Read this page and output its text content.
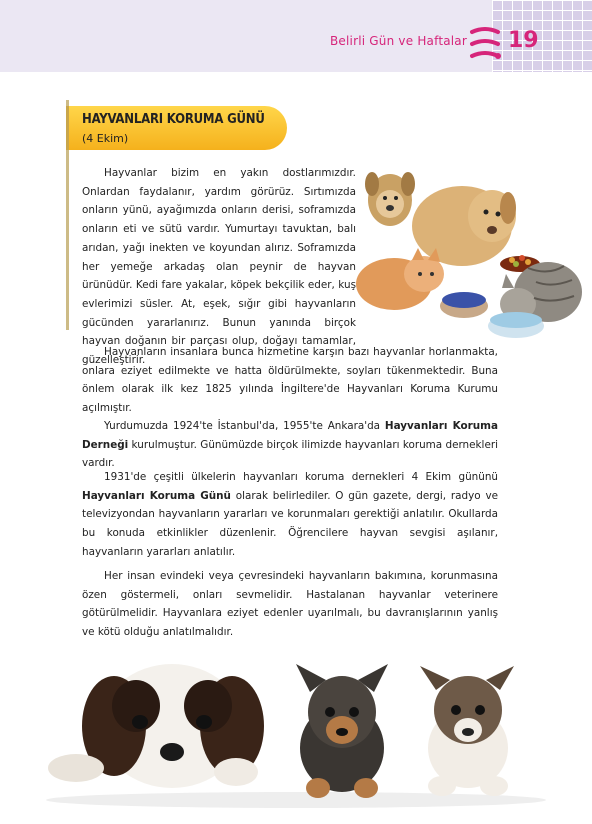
Belirli Gün ve Haftalar 19
HAYVANLARI KORUMA GÜNÜ
(4 Ekim)

Hayvanlar bizim en yakın dostlarımızdır. Onlardan faydalanır, yardım görürüz. Sırtımızda onların yünü, ayağımızda onların derisi, soframızda onların eti ve sütü vardır. Yumurtayı tavuktan, balı arıdan, yağı inekten ve koyundan alırız. Soframızda her yemeğe arkadaş olan peynir de hayvan ürünüdür. Kedi fare yakalar, köpek bekçilik eder, kuş evlerimizi süsler. At, eşek, sığır gibi hayvanların gücünden yararlanırız. Bunun yanında birçok hayvan doğanın bir parçası olup, doğayı tamamlar, güzelleştirir.

Hayvanların insanlara bunca hizmetine karşın bazı hayvanlar horlanmakta, onlara eziyet edilmekte ve hatta öldürülmekte, soyları tükenmektedir. Buna önlem olarak ilk kez 1825 yılında İngiltere'de Hayvanları Koruma Kurumu açılmıştır.

Yurdumuzda 1924'te İstanbul'da, 1955'te Ankara'da Hayvanları Koruma Derneği kurulmuştur. Günümüzde birçok ilimizde hayvanları koruma dernekleri vardır.

1931'de çeşitli ülkelerin hayvanları koruma dernekleri 4 Ekim gününü Hayvanları Koruma Günü olarak belirlediler. O gün gazete, dergi, radyo ve televizyondan hayvanların yararları ve korunmaları gerektiği anlatılır. Okullarda bu konuda etkinlikler düzenlenir. Öğrencilere hayvan sevgisi aşılanır, hayvanların yararları anlatılır.

Her insan evindeki veya çevresindeki hayvanların bakımına, korunmasına özen göstermeli, onları sevmelidir. Hastalanan hayvanlar veterinere götürülmelidir. Hayvanlara eziyet edenler uyarılmalı, bu davranışlarının yanlış ve kötü olduğu anlatılmalıdır.
